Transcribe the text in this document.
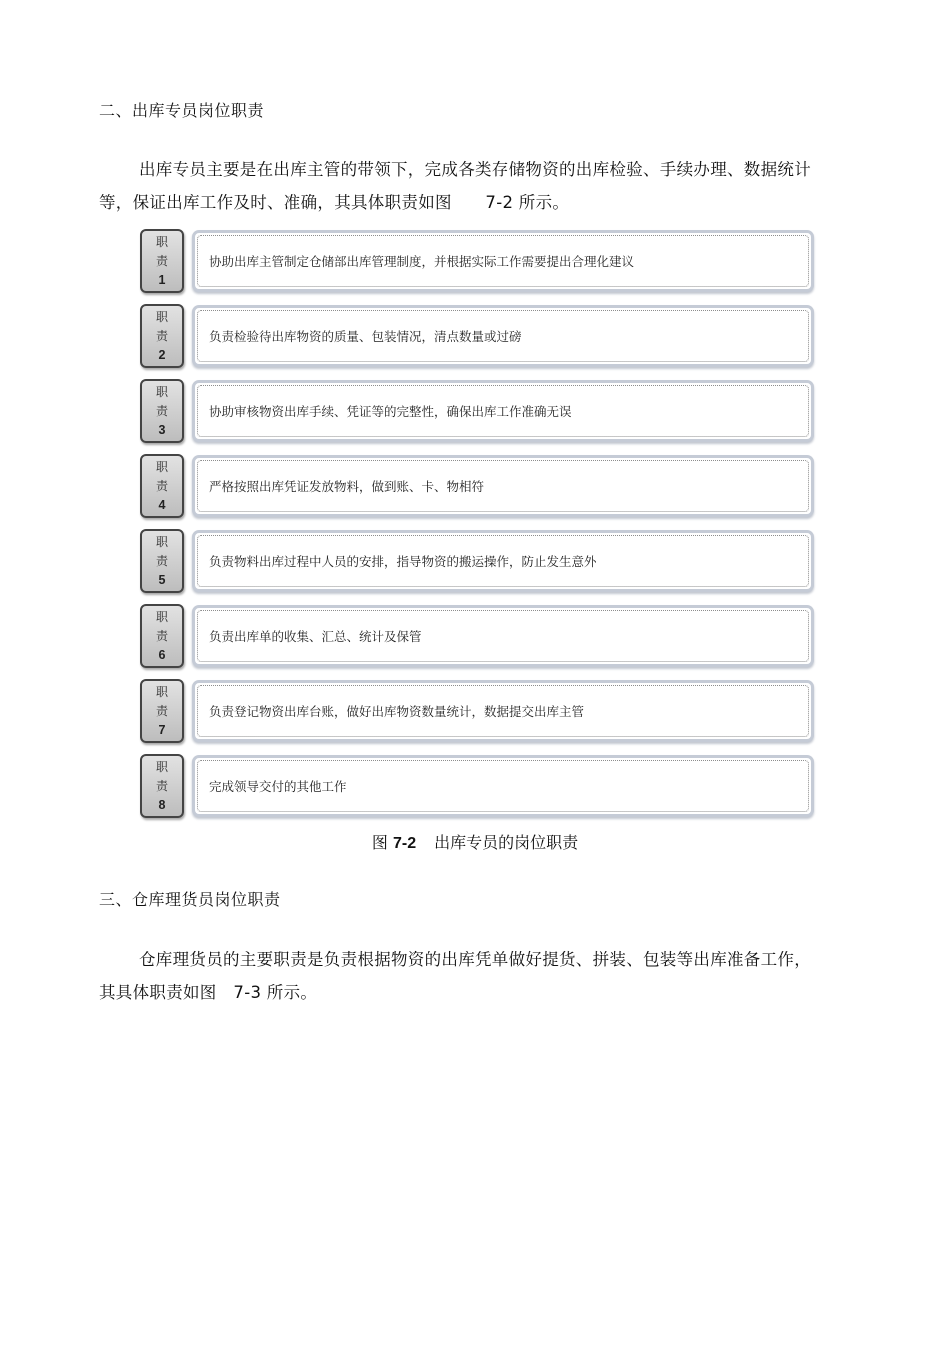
二、出库专员岗位职责
出库专员主要是在出库主管的带领下，完成各类存储物资的出库检验、手续办理、数据统计等，保证出库工作及时、准确，其具体职责如图　　7-2 所示。
职
责
1
协助出库主管制定仓储部出库管理制度，并根据实际工作需要提出合理化建议
职
责
2
负责检验待出库物资的质量、包装情况，清点数量或过磅
职
责
3
协助审核物资出库手续、凭证等的完整性，确保出库工作准确无误
职
责
4
严格按照出库凭证发放物料，做到账、卡、物相符
职
责
5
负责物料出库过程中人员的安排，指导物资的搬运操作，防止发生意外
职
责
6
负责出库单的收集、汇总、统计及保管
职
责
7
负责登记物资出库台账，做好出库物资数量统计，数据提交出库主管
职
责
8
完成领导交付的其他工作
图 7-2 出库专员的岗位职责
三、仓库理货员岗位职责
仓库理货员的主要职责是负责根据物资的出库凭单做好提货、拼装、包装等出库准备工作，其具体职责如图　7-3 所示。
